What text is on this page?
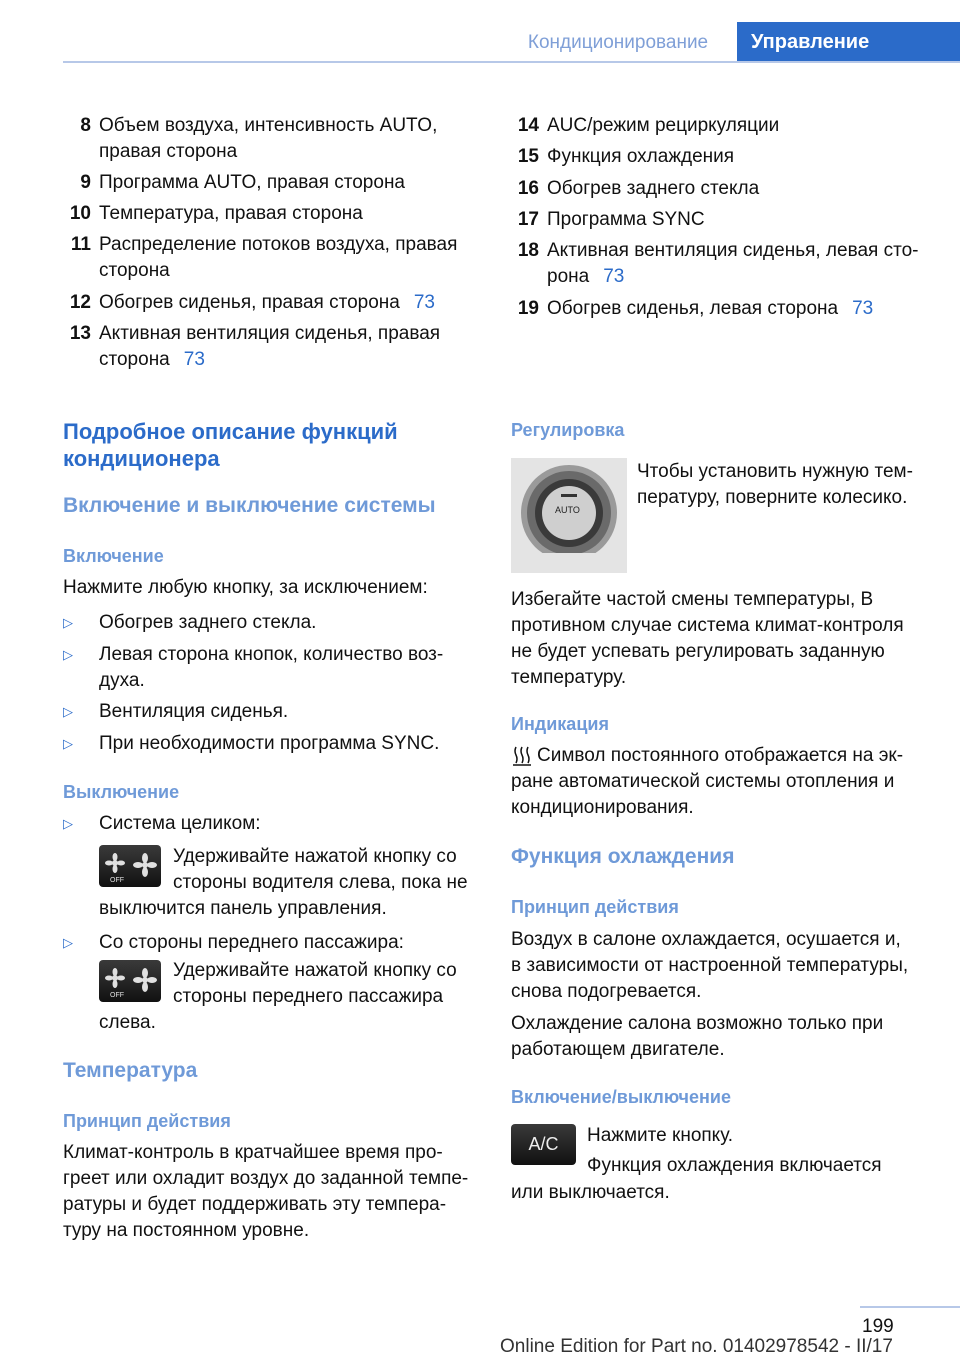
Кондиционирование	Управление
8 Объем воздуха, интенсивность AUTO,
правая сторона
9 Программа AUTO, правая сторона
10 Температура, правая сторона
11 Распределение потоков воздуха, правая
сторона
12 Обогрев сиденья, правая сторона 73
13 Активная вентиляция сиденья, правая
сторона 73
14 AUC/режим рециркуляции
15 Функция охлаждения
16 Обогрев заднего стекла
17 Программа SYNC
18 Активная вентиляция сиденья, левая сто-
рона 73
19 Обогрев сиденья, левая сторона 73
Подробное описание функций
кондиционера
Включение и выключение системы
Включение
Нажмите любую кнопку, за исключением:
▷ Обогрев заднего стекла.
▷ Левая сторона кнопок, количество воз-
духа.
▷ Вентиляция сиденья.
▷ При необходимости программа SYNC.
Выключение
▷ Система целиком:
OFF
Удерживайте нажатой кнопку со
стороны водителя слева, пока не
выключится панель управления.
▷ Со стороны переднего пассажира:
OFF
Удерживайте нажатой кнопку со
стороны переднего пассажира
слева.
Температура
Принцип действия
Климат-контроль в кратчайшее время про-
греет или охладит воздух до заданной темпе-
ратуры и будет поддерживать эту темпера-
туру на постоянном уровне.
Регулировка
AUTO
Чтобы установить нужную тем-
пературу, поверните колесико.
Избегайте частой смены температуры, В
противном случае система климат-контроля
не будет успевать регулировать заданную
температуру.
Индикация
Символ постоянного отображается на эк-
ране автоматической системы отопления и
кондиционирования.
Функция охлаждения
Принцип действия
Воздух в салоне охлаждается, осушается и,
в зависимости от настроенной температуры,
снова подогревается.
Охлаждение салона возможно только при
работающем двигателе.
Включение/выключение
A/C Нажмите кнопку.
Функция охлаждения включается
или выключается.
199
Online Edition for Part no. 01402978542 - II/17
